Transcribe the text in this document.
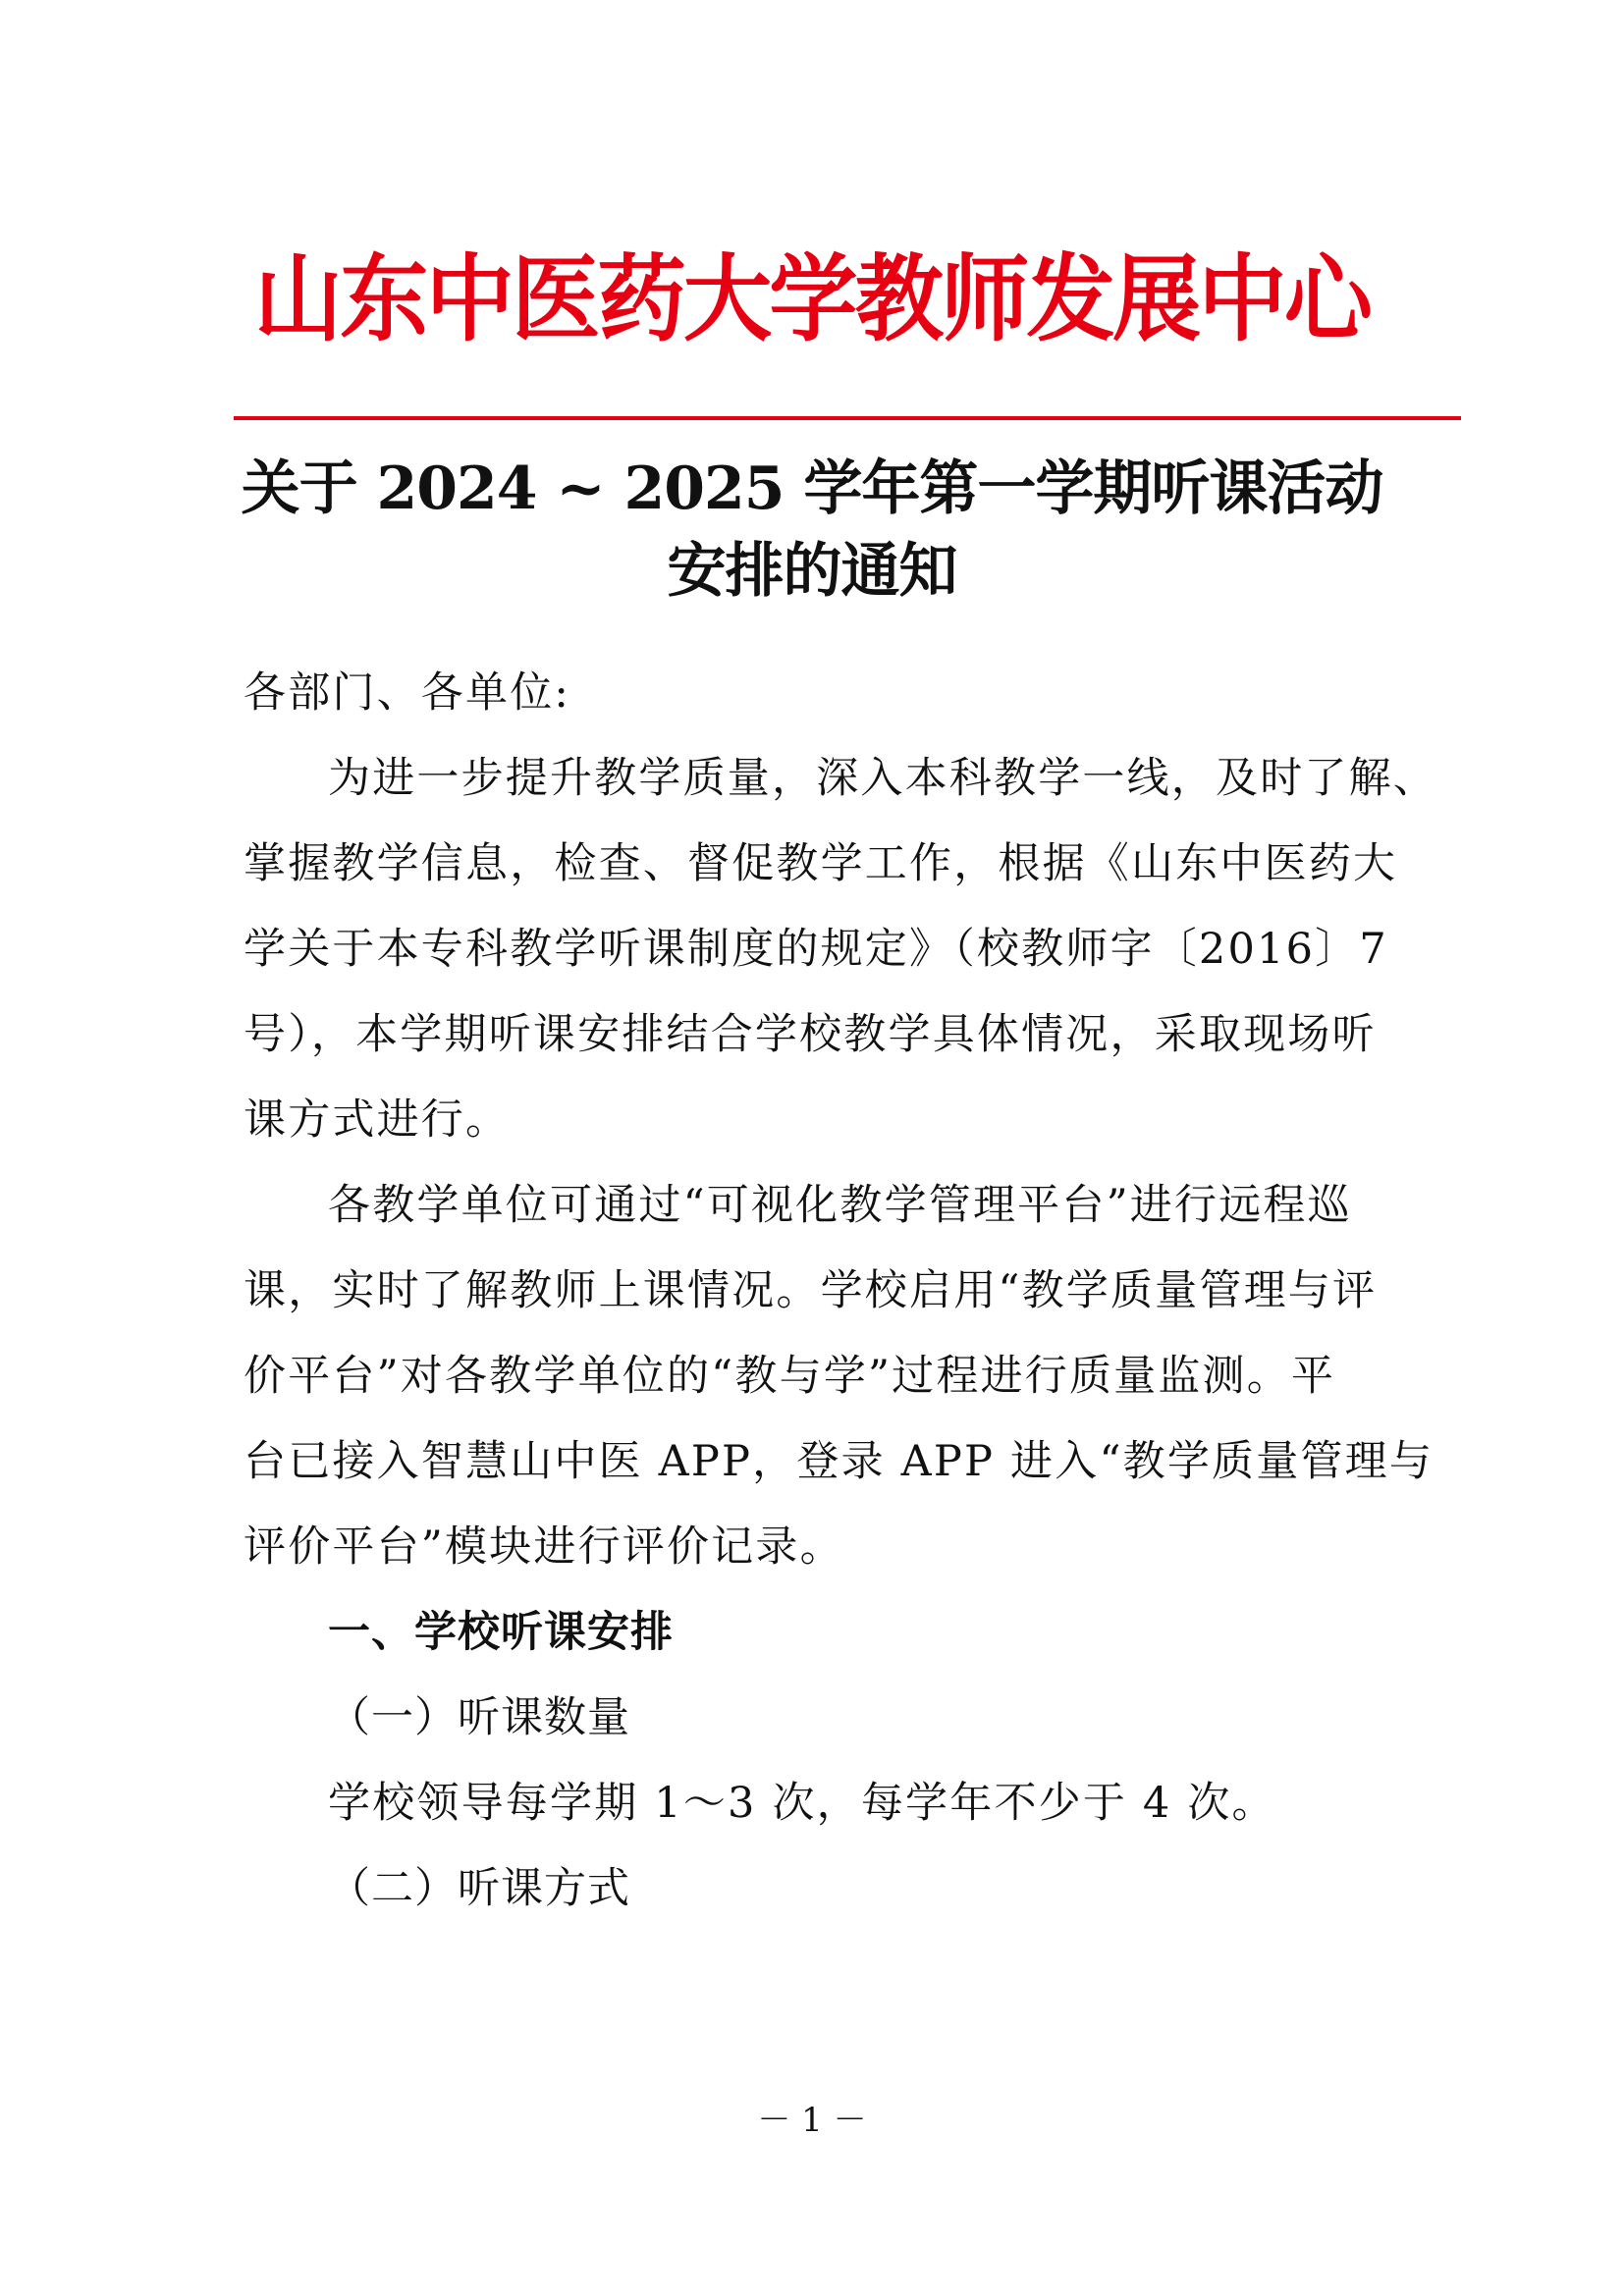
山东中医药大学教师发展中心
关于 2024 ~ 2025 学年第一学期听课活动
安排的通知
各部门、各单位:
为进一步提升教学质量，深入本科教学一线，及时了解、
掌握教学信息，检查、督促教学工作，根据《山东中医药大
学关于本专科教学听课制度的规定》（校教师字〔2016〕7
号），本学期听课安排结合学校教学具体情况，采取现场听
课方式进行。
各教学单位可通过“可视化教学管理平台”进行远程巡
课，实时了解教师上课情况。学校启用“教学质量管理与评
价平台”对各教学单位的“教与学”过程进行质量监测。平
台已接入智慧山中医 APP，登录 APP 进入“教学质量管理与
评价平台”模块进行评价记录。
一、学校听课安排
（一）听课数量
学校领导每学期 1～3 次，每学年不少于 4 次。
（二）听课方式
－ 1 －
